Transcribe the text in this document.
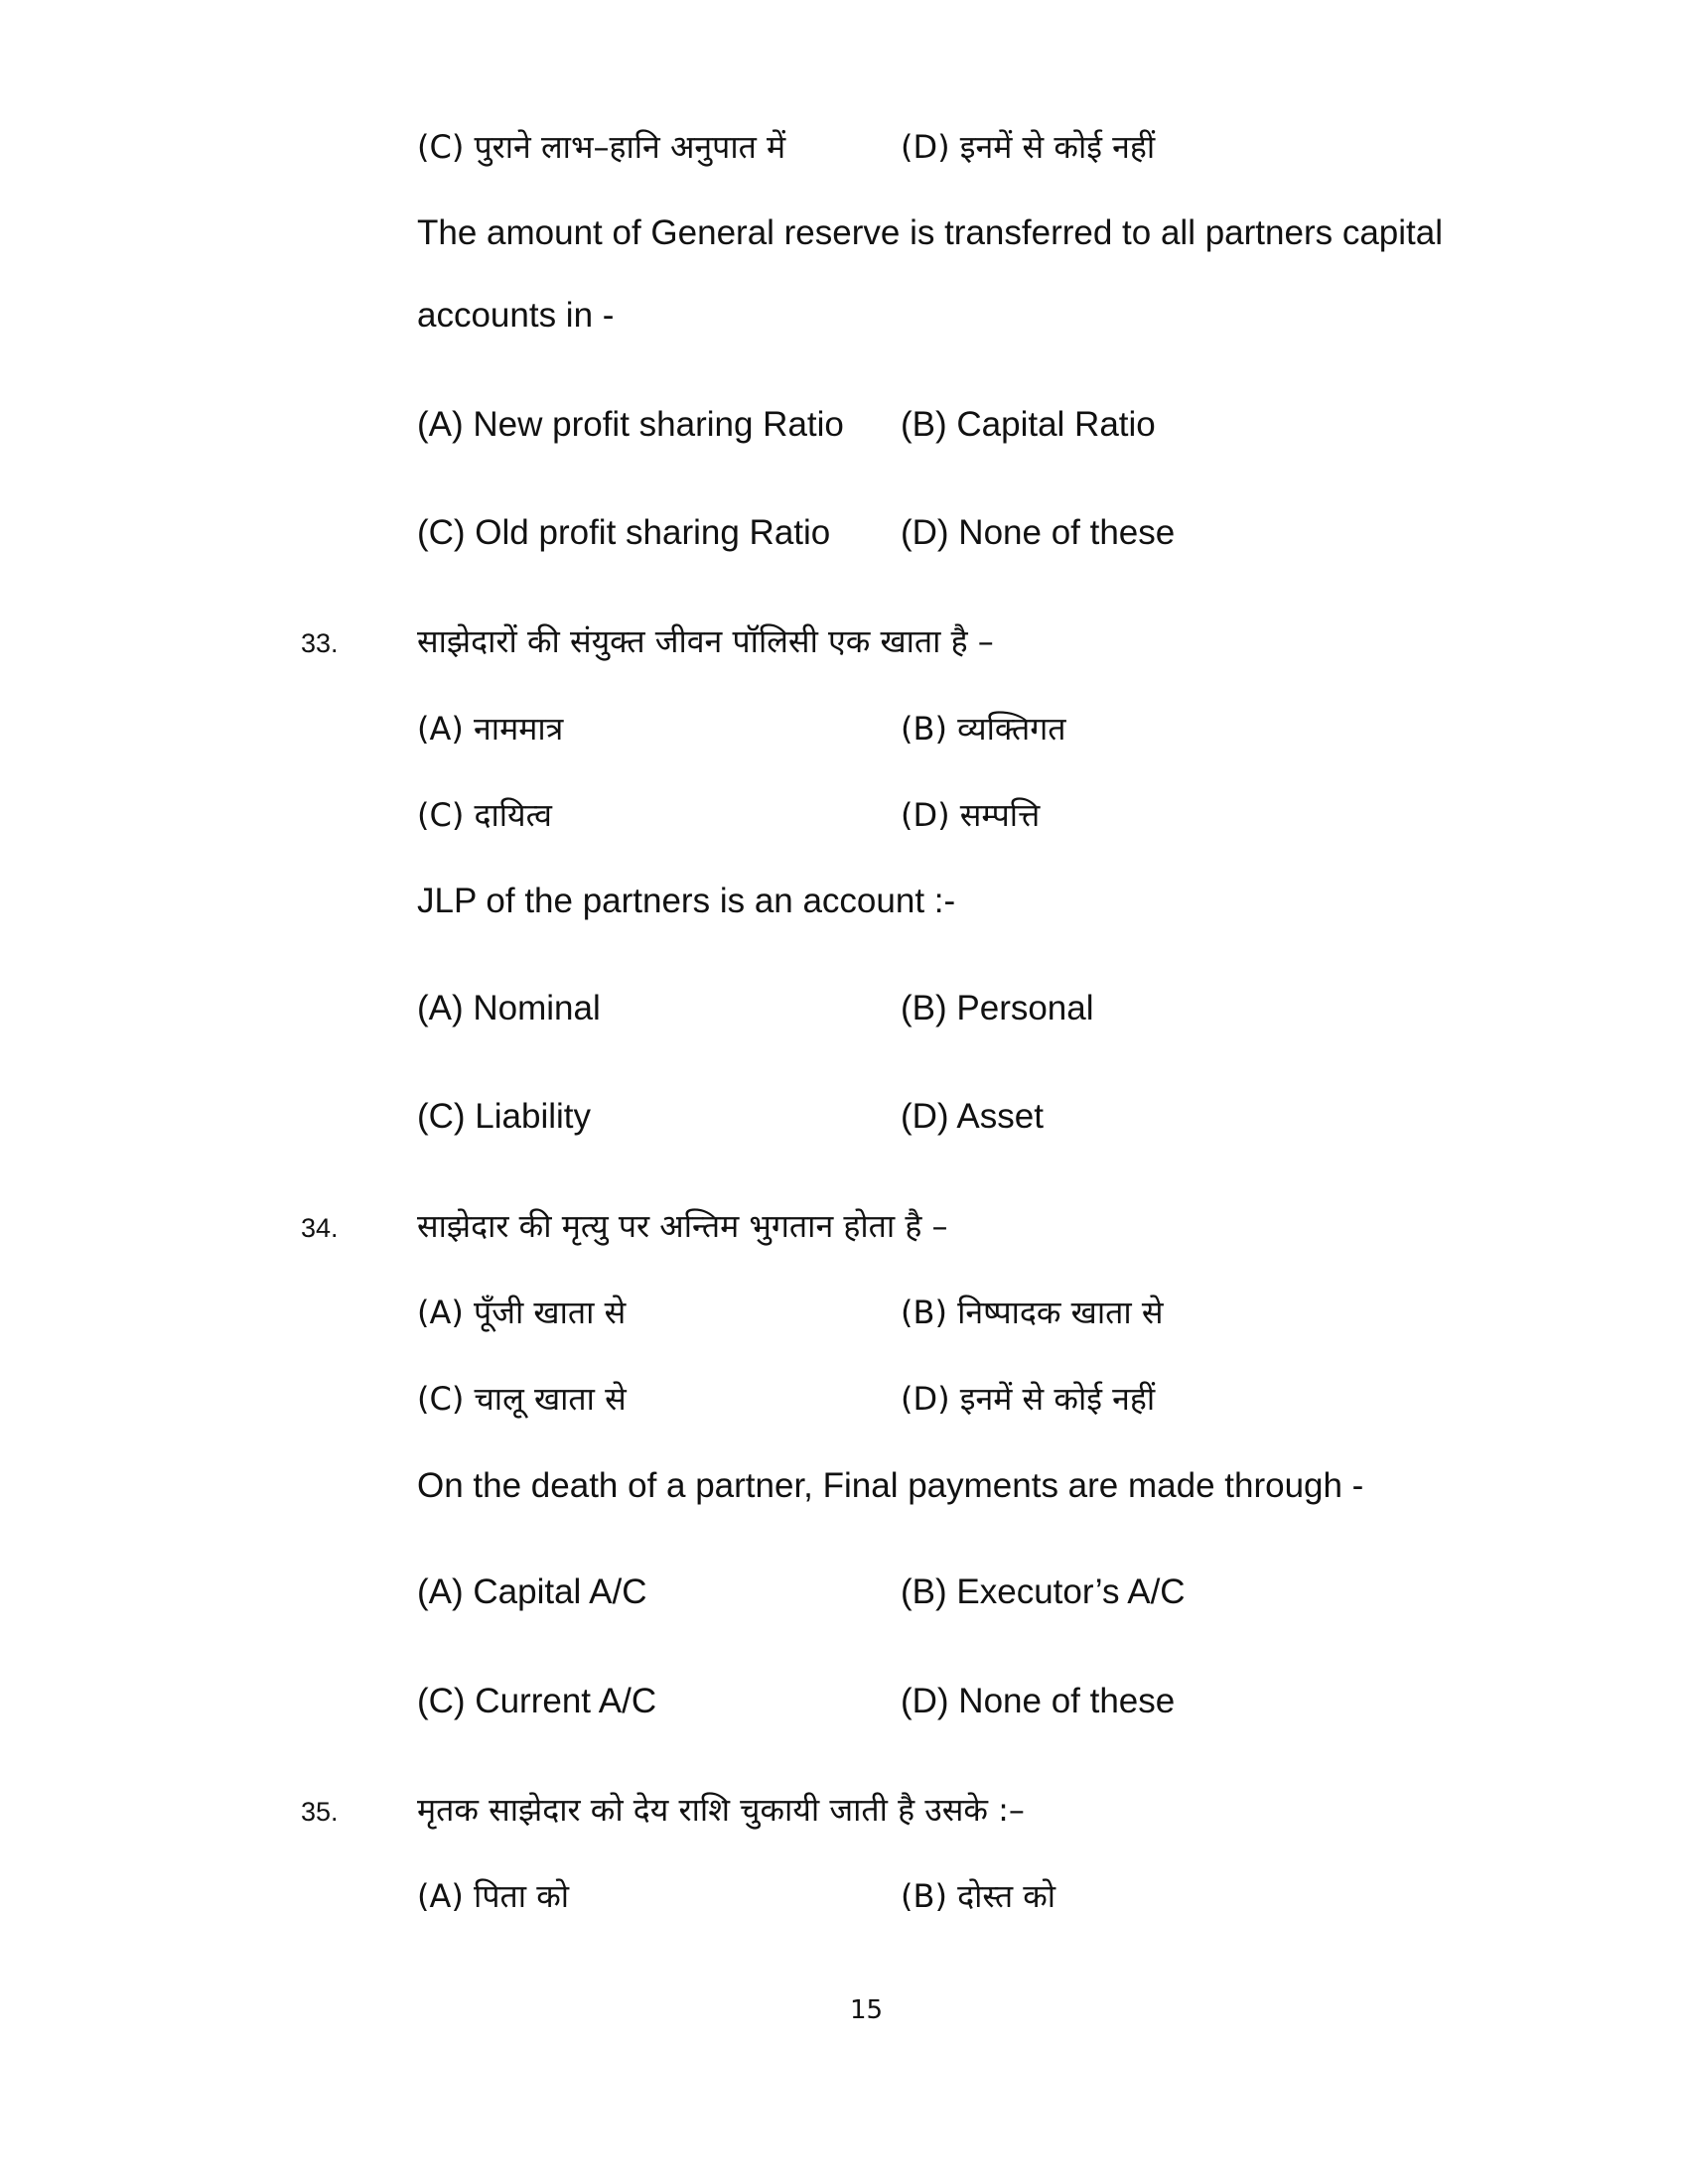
(C) पुराने लाभ–हानि अनुपात में	(D) इनमें से कोई नहीं
The amount of General reserve is transferred to all partners capital
accounts in -
(A) New profit sharing Ratio (B) Capital Ratio
(C) Old profit sharing Ratio (D) None of these
33. साझेदारों की संयुक्त जीवन पॉलिसी एक खाता है –
(A) नाममात्र	(B) व्यक्तिगत
(C) दायित्व	(D) सम्पत्ति
JLP of the partners is an account :-
(A) Nominal	(B) Personal
(C) Liability	(D) Asset
34. साझेदार की मृत्यु पर अन्तिम भुगतान होता है –
(A) पूँजी खाता से	(B) निष्पादक खाता से
(C) चालू खाता से	(D) इनमें से कोई नहीं
On the death of a partner, Final payments are made through -
(A) Capital A/C	(B) Executor’s A/C
(C) Current A/C	(D) None of these
35. मृतक साझेदार को देय राशि चुकायी जाती है उसके :–
(A) पिता को	(B) दोस्त को
15
